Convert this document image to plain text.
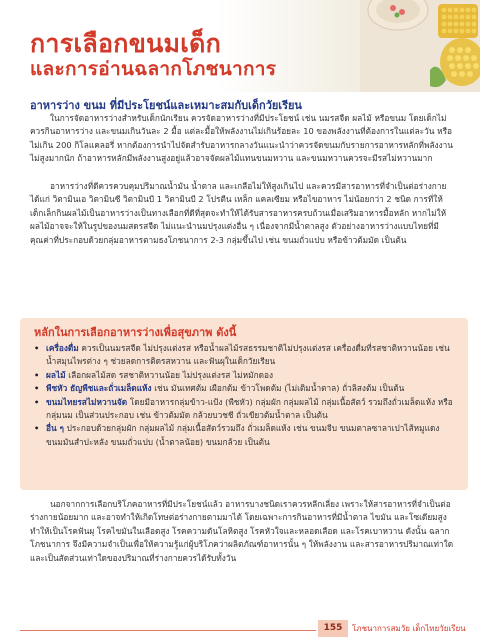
การเลือกขนมเด็ก
และการอ่านฉลากโภชนาการ
อาหารว่าง ขนม ที่มีประโยชน์และเหมาะสมกับเด็กวัยเรียน

ในการจัดอาหารว่างสำหรับเด็กนักเรียน ควรจัดอาหารว่างที่มีประโยชน์ เช่น นมรสจืด ผลไม้ หรือขนม โดยเด็กไม่ควรกินอาหารว่าง และขนมเกินวันละ 2 มื้อ แต่ละมื้อให้พลังงานไม่เกินร้อยละ 10 ของพลังงานที่ต้องการในแต่ละวัน หรือไม่เกิน 200 กิโลแคลอรี่ หากต้องการนำไปจัดสำรับอาหารกลางวันแนะนำว่าควรจัดขนมกับรายการอาหารหลักที่พลังงานไม่สูงมากนัก ถ้าอาหารหลักมีพลังงานสูงอยู่แล้วอาจจัดผลไม้แทนขนมหวาน และขนมหวานควรจะมีรสไม่หวานมาก

อาหารว่างที่ดีควรควบคุมปริมาณน้ำมัน น้ำตาล และเกลือไม่ให้สูงเกินไป และควรมีสารอาหารที่จำเป็นต่อร่างกาย ได้แก่ วิตามินเอ วิตามินซี วิตามินบี 1 วิตามินบี 2 โปรตีน เหล็ก แคลเซียม หรือไขอาหาร ไม่น้อยกว่า 2 ชนิด การที่ให้เด็กเล็กกินผลไม้เป็นอาหารว่างเป็นทางเลือกที่ดีที่สุดจะทำให้ได้รับสารอาหารครบถ้วนเมื่อเสริมอาหารมื้อหลัก หากไม่ให้ผลไม้อาจจะให้ในรูปของนมสดรสจืด ไม่แนะนำนมปรุงแต่งอื่น ๆ เนื่องจากมีน้ำตาลสูง ตัวอย่างอาหารว่างแบบไทยที่มีคุณค่าที่ประกอบด้วยกลุ่มอาหารตามธงโภชนาการ 2-3 กลุ่มขึ้นไป เช่น ขนมถั่วแปบ หรือข้าวต้มมัด เป็นต้น

หลักในการเลือกอาหารว่างเพื่อสุขภาพ ดังนี้
• เครื่องดื่ม ควรเป็นนมรสจืด ไม่ปรุงแต่งรส หรือน้ำผลไม้รสธรรมชาติไม่ปรุงแต่งรส เครื่องดื่มที่รสชาติหวานน้อย เช่น น้ำสมุนไพรต่าง ๆ ช่วยลดการติดรสหวาน และฟันผุในเด็กวัยเรียน
• ผลไม้ เลือกผลไม้สด รสชาติหวานน้อย ไม่ปรุงแต่งรส ไม่หมักดอง
• พืชหัว ธัญพืชและถั่วเมล็ดแห้ง เช่น มันเทศต้ม เผือกต้ม ข้าวโพดต้ม (ไม่เติมน้ำตาล) ถั่วลิสงต้ม เป็นต้น
• ขนมไทยรสไม่หวานจัด โดยมีอาหารกลุ่มข้าว-แป้ง (พืชหัว) กลุ่มผัก กลุ่มผลไม้ กลุ่มเนื้อสัตว์ รวมถึงถั่วเมล็ดแห้ง หรือกลุ่มนม เป็นส่วนประกอบ เช่น ข้าวต้มมัด กล้วยบวชชี ถั่วเขียวต้มน้ำตาล เป็นต้น
• อื่น ๆ ประกอบด้วยกลุ่มผัก กลุ่มผลไม้ กลุ่มเนื้อสัตว์รวมถึง ถั่วเมล็ดแห้ง เช่น ขนมจีบ ขนมตาลซาลาเปาไส้หมูแดง ขนมมันสำปะหลัง ขนมถั่วแปบ (น้ำตาลน้อย) ขนมกล้วย เป็นต้น

นอกจากการเลือกบริโภคอาหารที่มีประโยชน์แล้ว อาหารบางชนิดเราควรหลีกเลี่ยง เพราะให้สารอาหารที่จำเป็นต่อร่างกายน้อยมาก และอาจทำให้เกิดโทษต่อร่างกายตามมาได้ โดยเฉพาะการกินอาหารที่มีน้ำตาล ไขมัน และโซเดียมสูง ทำให้เป็นโรคฟันผุ โรคไขมันในเลือดสูง โรคความดันโลหิตสูง โรคหัวใจและหลอดเลือด และโรคเบาหวาน ดังนั้น ฉลากโภชนาการ จึงมีความจำเป็นเพื่อให้ความรู้แก่ผู้บริโภคว่าผลิตภัณฑ์อาหารนั้น ๆ ให้พลังงาน และสารอาหารปริมาณเท่าใด และเป็นสัดส่วนเท่าใดของปริมาณที่ร่างกายควรได้รับทั้งวัน

155	โภชนาการสมวัย เด็กไทยวัยเรียน
